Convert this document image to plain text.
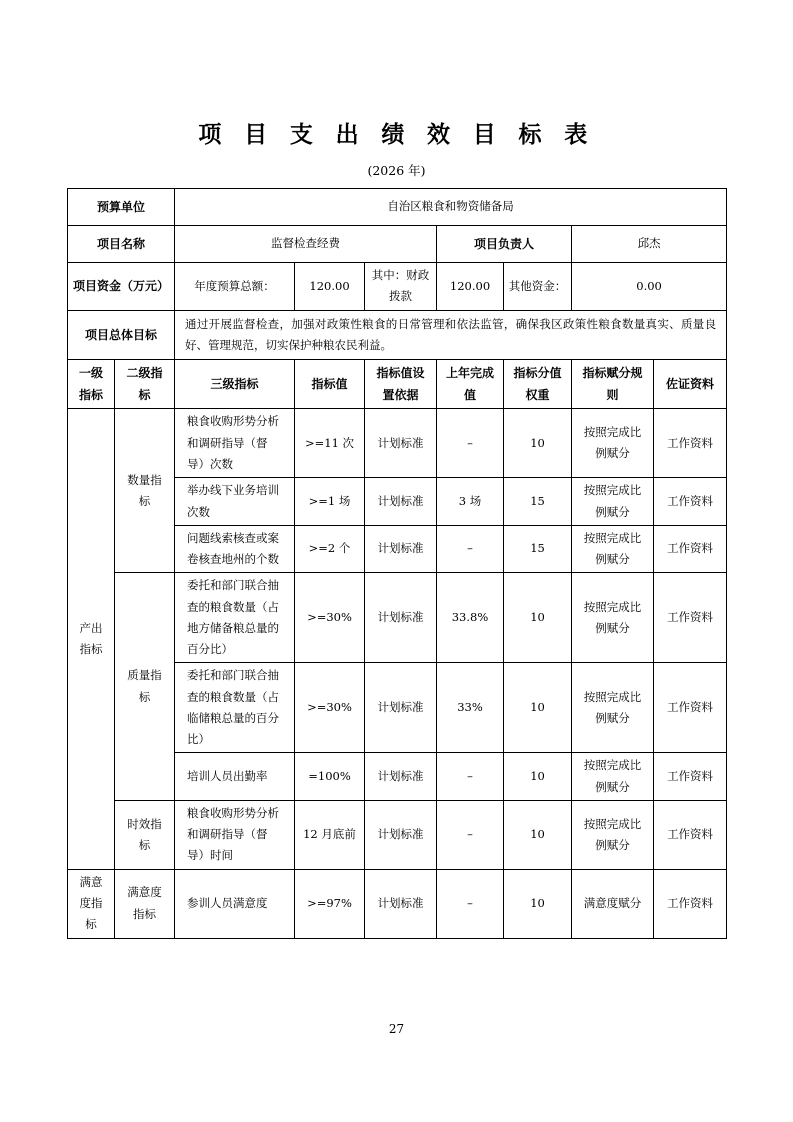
项 目 支 出 绩 效 目 标 表
(2026 年)
预算单位		自治区粮食和物资储备局						
项目名称		监督检查经费			项目负责人		邱杰	
项目资金（万元）		年度预算总额：	120.00	其中：财政拨款	120.00	其他资金：	0.00	
项目总体目标		通过开展监督检查，加强对政策性粮食的日常管理和依法监管，确保我区政策性粮食数量真实、质量良好、管理规范，切实保护种粮农民利益。						
一级指标	二级指标	三级指标	指标值	指标值设置依据	上年完成值	指标分值权重	指标赋分规则	佐证资料
产出指标	数量指标	粮食收购形势分析和调研指导（督导）次数	>=11 次	计划标准	–	10	按照完成比例赋分	工作资料
		举办线下业务培训次数	>=1 场	计划标准	3 场	15	按照完成比例赋分	工作资料
		问题线索核查或案卷核查地州的个数	>=2 个	计划标准	–	15	按照完成比例赋分	工作资料
	质量指标	委托和部门联合抽查的粮食数量（占地方储备粮总量的百分比）	>=30%	计划标准	33.8%	10	按照完成比例赋分	工作资料
		委托和部门联合抽查的粮食数量（占临储粮总量的百分比）	>=30%	计划标准	33%	10	按照完成比例赋分	工作资料
		培训人员出勤率	=100%	计划标准	–	10	按照完成比例赋分	工作资料
	时效指标	粮食收购形势分析和调研指导（督导）时间	12 月底前	计划标准	–	10	按照完成比例赋分	工作资料
满意度指标	满意度指标	参训人员满意度	>=97%	计划标准	–	10	满意度赋分	工作资料
27
